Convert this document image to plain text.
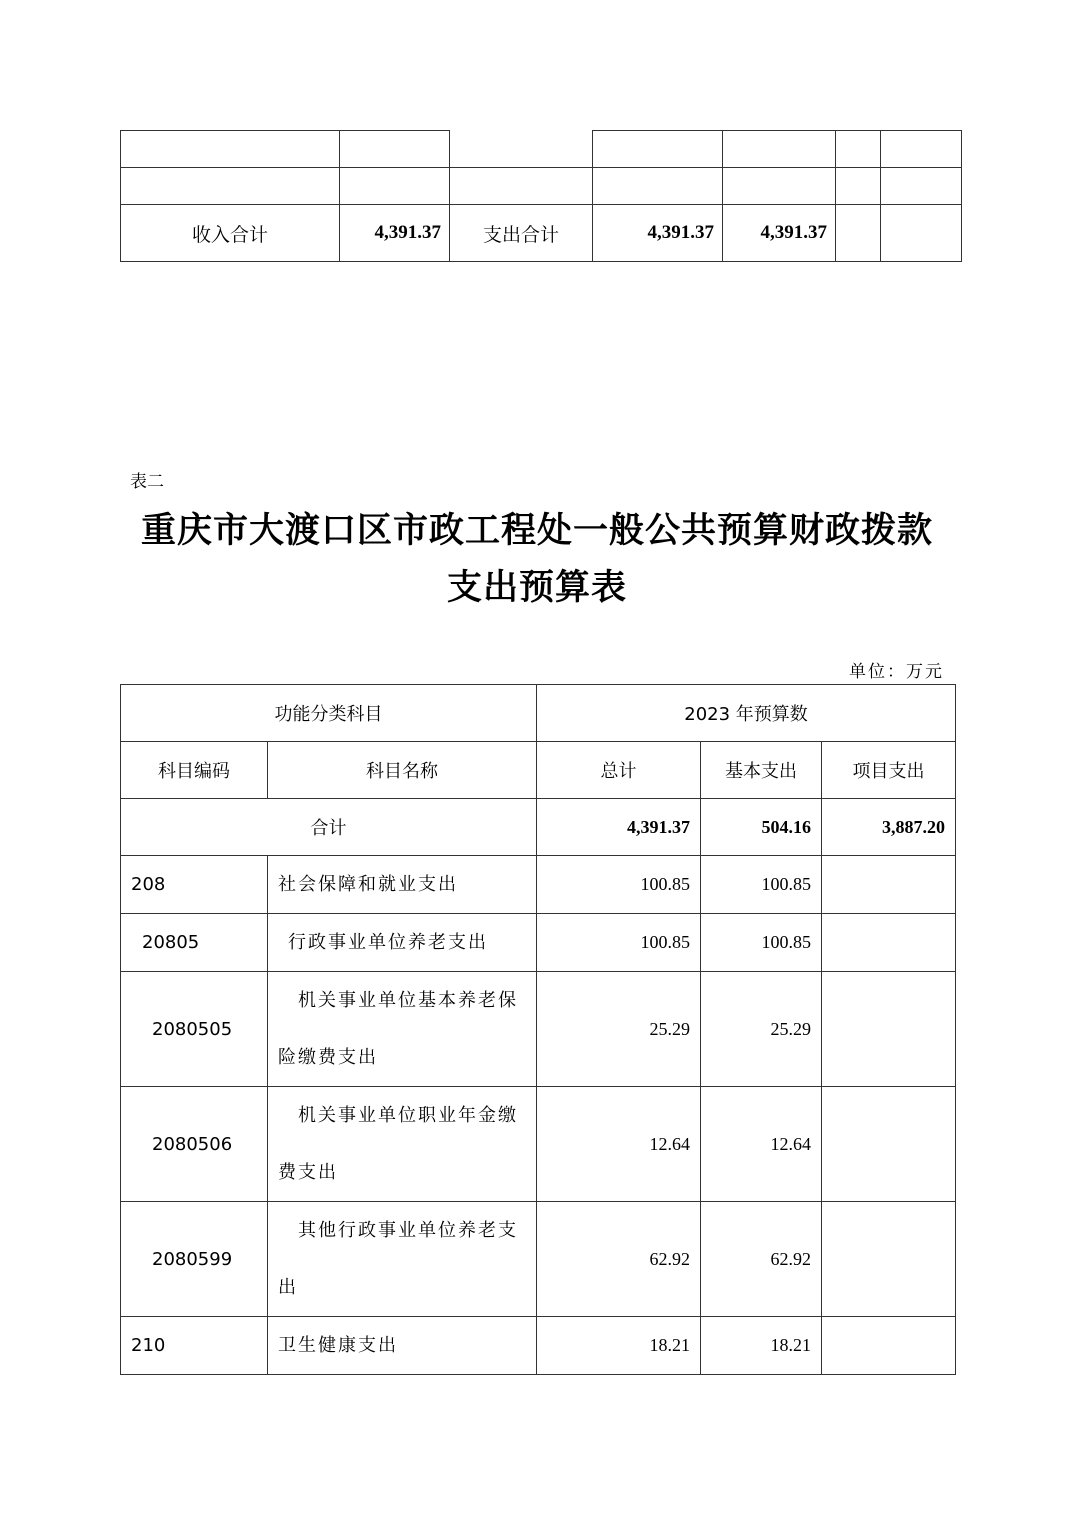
收入合计	4,391.37	支出合计	4,391.37	4,391.37		
表二
重庆市大渡口区市政工程处一般公共预算财政拨款
支出预算表
单位：万元
功能分类科目		2023 年预算数		
科目编码	科目名称	总计	基本支出	项目支出
合计		4,391.37	504.16	3,887.20
208	社会保障和就业支出	100.85	100.85	
20805	行政事业单位养老支出	100.85	100.85	
2080505	机关事业单位基本养老保
险缴费支出	25.29	25.29	
2080506	机关事业单位职业年金缴
费支出	12.64	12.64	
2080599	其他行政事业单位养老支
出	62.92	62.92	
210	卫生健康支出	18.21	18.21	
